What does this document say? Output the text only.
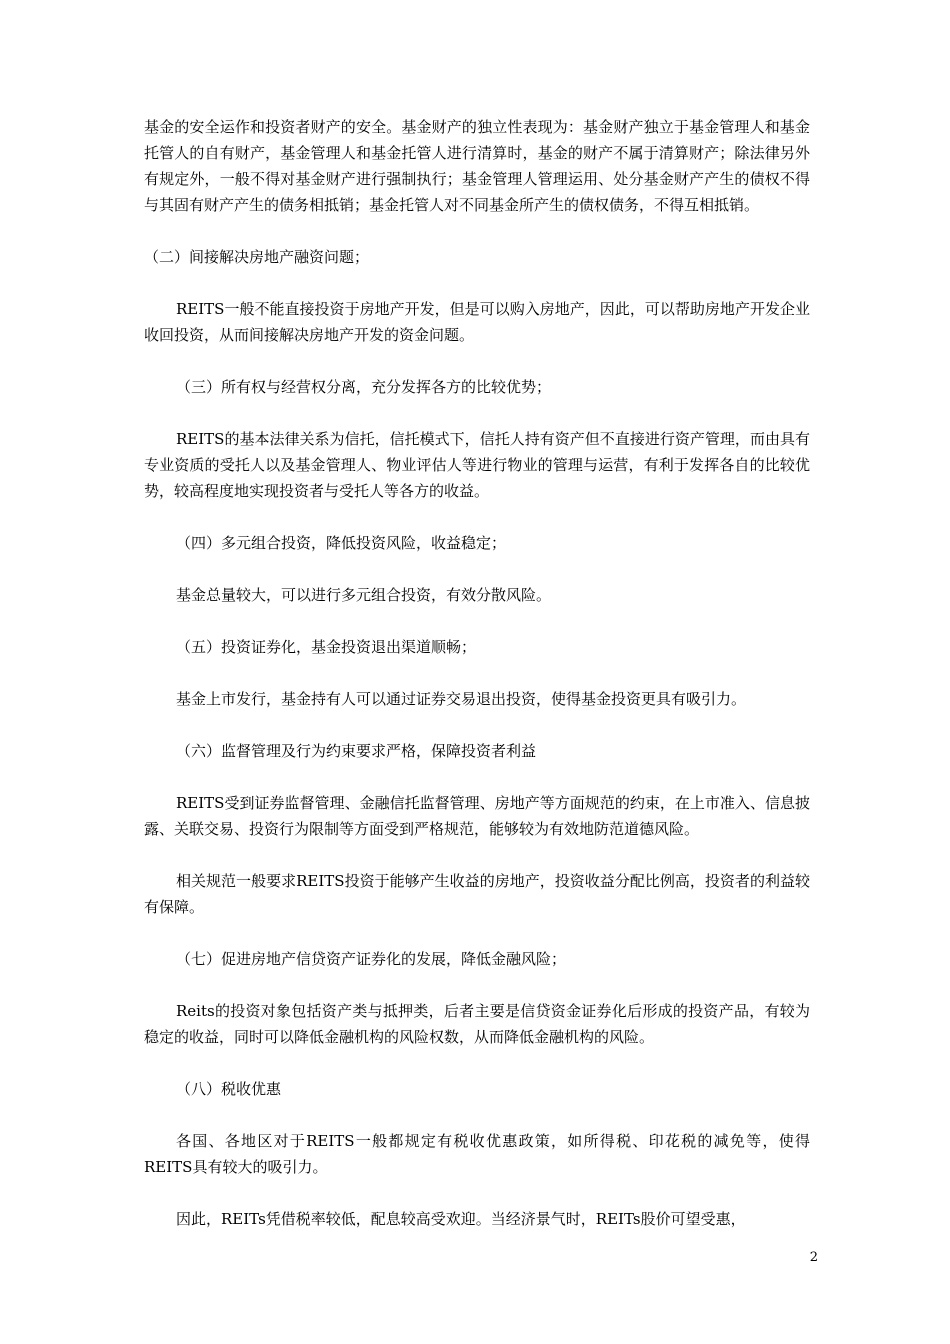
基金的安全运作和投资者财产的安全。基金财产的独立性表现为：基金财产独立于基金管理人和基金托管人的自有财产，基金管理人和基金托管人进行清算时，基金的财产不属于清算财产；除法律另外有规定外，一般不得对基金财产进行强制执行；基金管理人管理运用、处分基金财产产生的债权不得与其固有财产产生的债务相抵销；基金托管人对不同基金所产生的债权债务，不得互相抵销。

（二）间接解决房地产融资问题；

REITS一般不能直接投资于房地产开发，但是可以购入房地产，因此，可以帮助房地产开发企业收回投资，从而间接解决房地产开发的资金问题。

（三）所有权与经营权分离，充分发挥各方的比较优势；

REITS的基本法律关系为信托，信托模式下，信托人持有资产但不直接进行资产管理，而由具有专业资质的受托人以及基金管理人、物业评估人等进行物业的管理与运营，有利于发挥各自的比较优势，较高程度地实现投资者与受托人等各方的收益。

（四）多元组合投资，降低投资风险，收益稳定；

基金总量较大，可以进行多元组合投资，有效分散风险。

（五）投资证券化，基金投资退出渠道顺畅；

基金上市发行，基金持有人可以通过证券交易退出投资，使得基金投资更具有吸引力。

（六）监督管理及行为约束要求严格，保障投资者利益

REITS受到证券监督管理、金融信托监督管理、房地产等方面规范的约束，在上市准入、信息披露、关联交易、投资行为限制等方面受到严格规范，能够较为有效地防范道德风险。

相关规范一般要求REITS投资于能够产生收益的房地产，投资收益分配比例高，投资者的利益较有保障。

（七）促进房地产信贷资产证券化的发展，降低金融风险；

Reits的投资对象包括资产类与抵押类，后者主要是信贷资金证券化后形成的投资产品，有较为稳定的收益，同时可以降低金融机构的风险权数，从而降低金融机构的风险。

（八）税收优惠

各国、各地区对于REITS一般都规定有税收优惠政策，如所得税、印花税的减免等，使得REITS具有较大的吸引力。

因此，REITs凭借税率较低，配息较高受欢迎。当经济景气时，REITs股价可望受惠，

2
